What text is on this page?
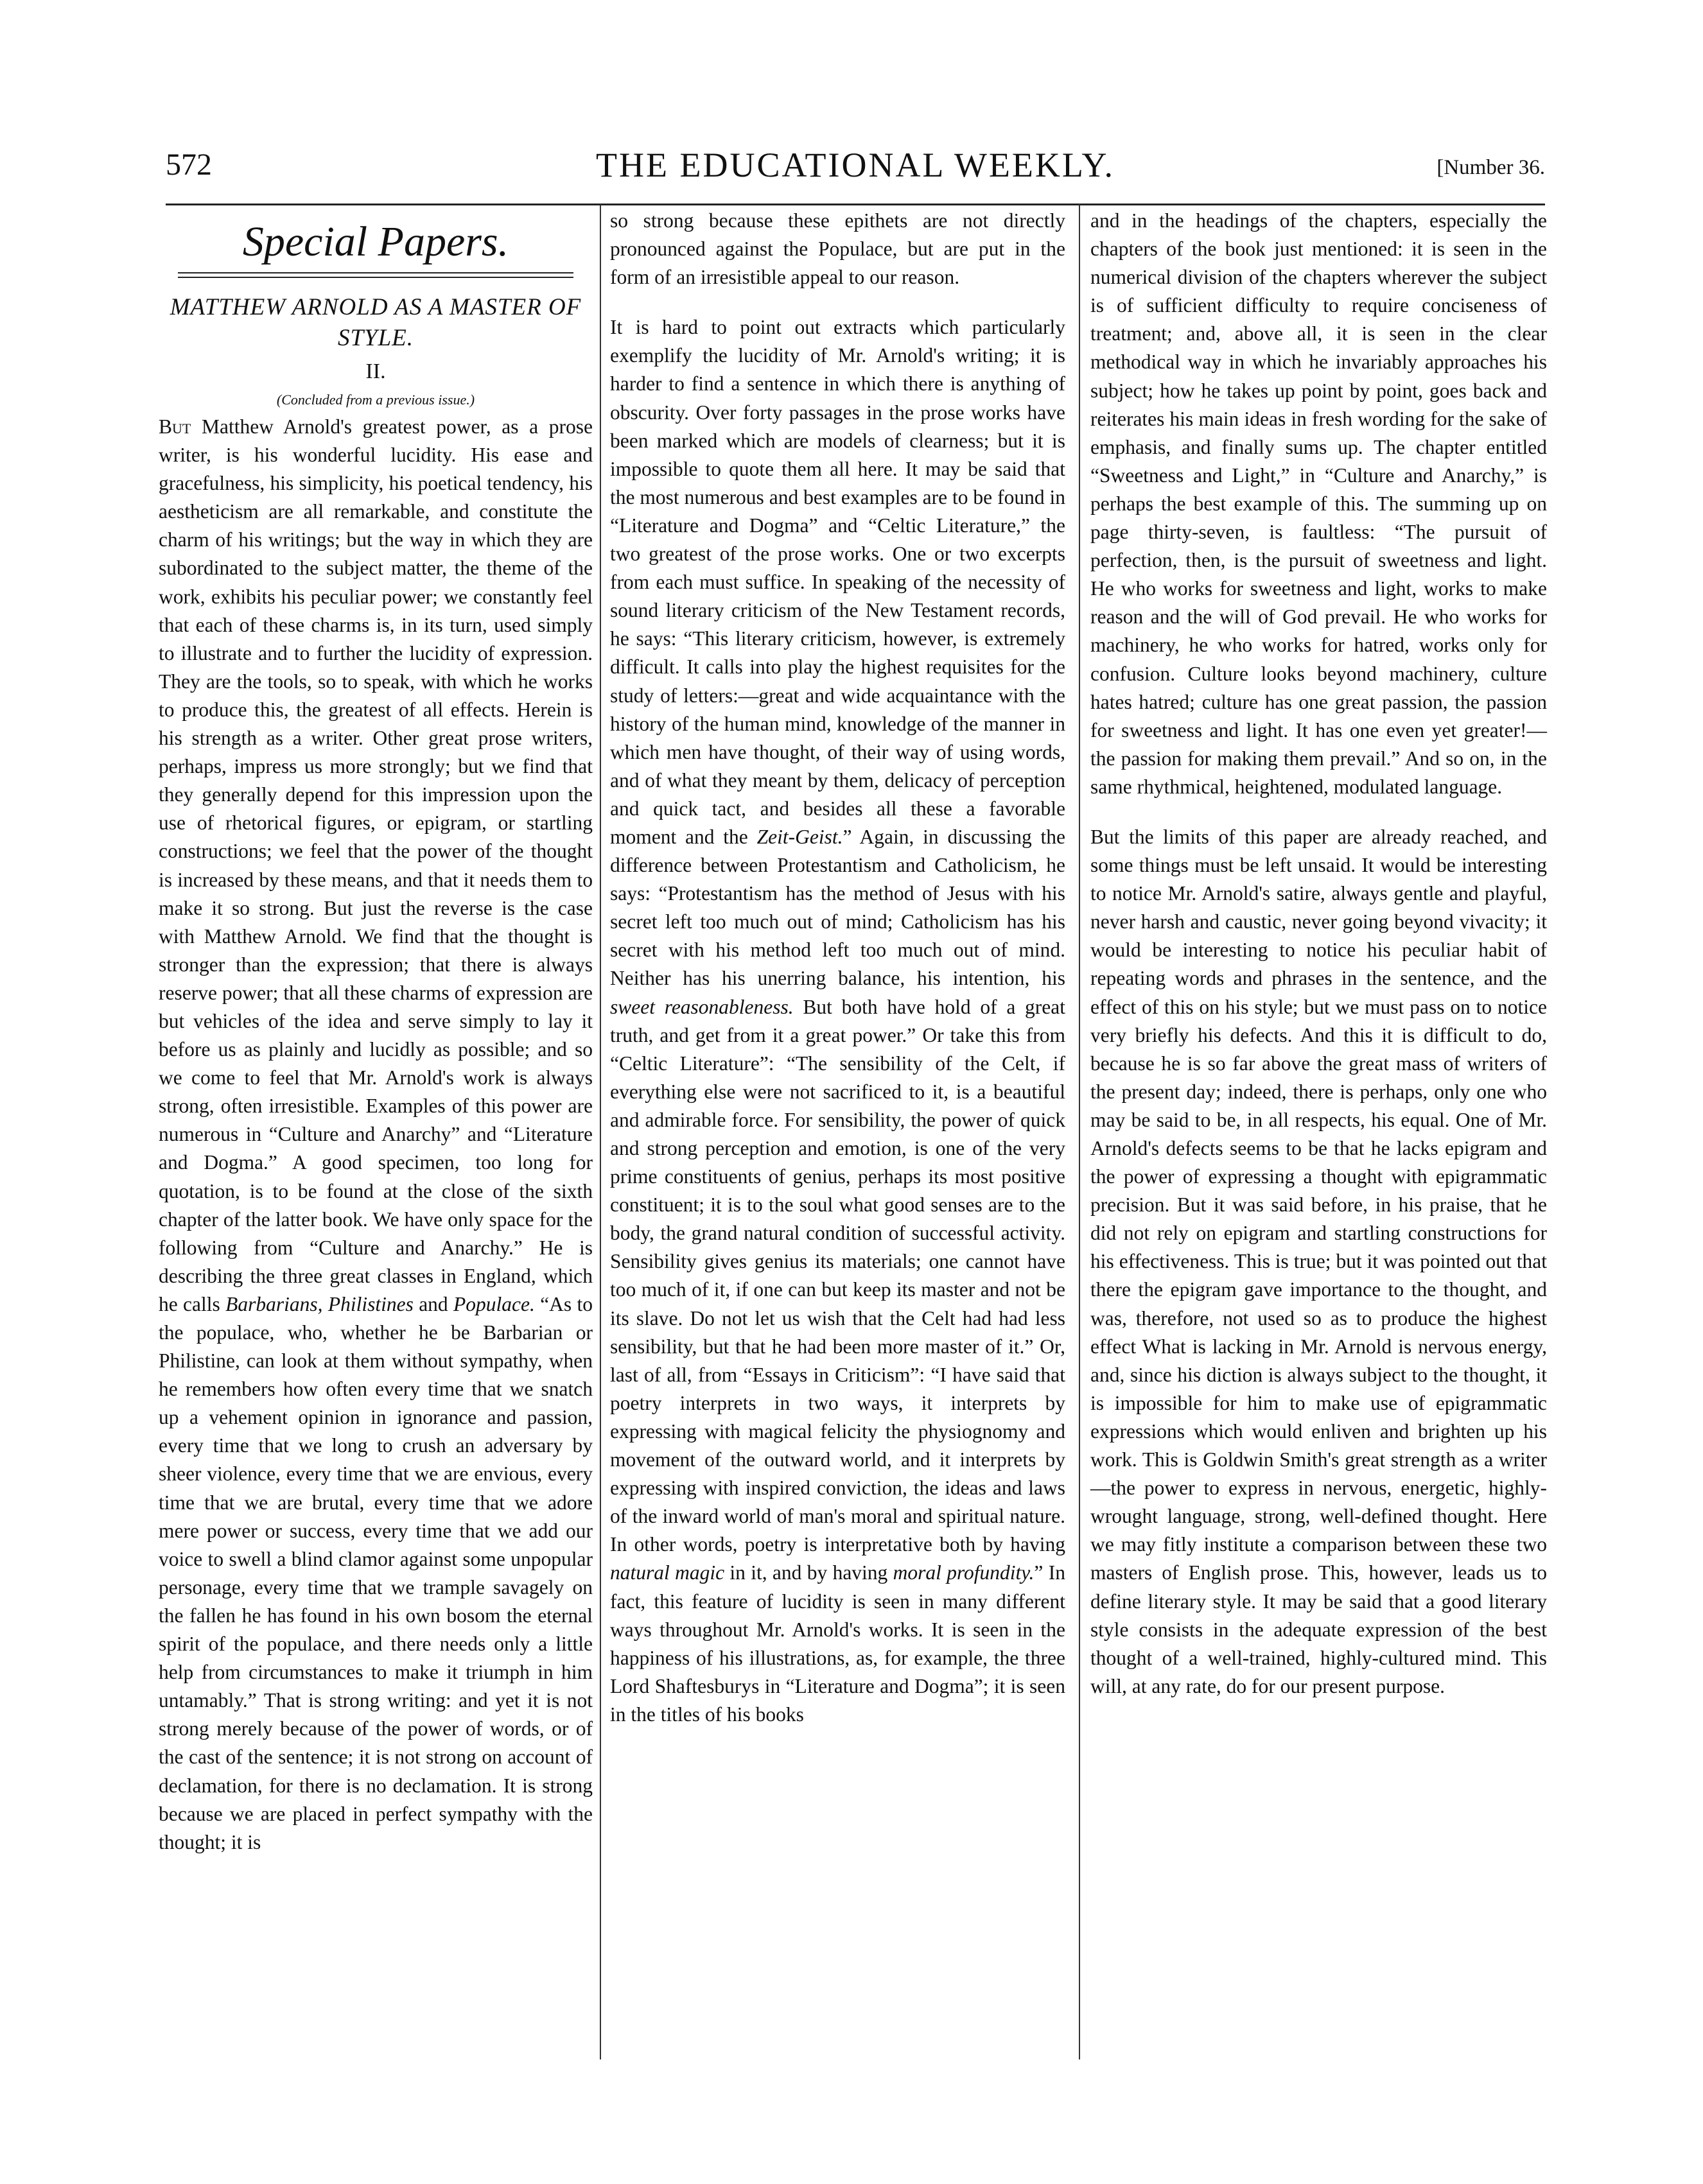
572	THE EDUCATIONAL WEEKLY.	[Number 36.
Special Papers.
MATTHEW ARNOLD AS A MASTER OF STYLE.
II.
(Concluded from a previous issue.)

But Matthew Arnold's greatest power, as a prose writer, is his wonderful lucidity. His ease and gracefulness, his simplicity, his poetical tendency, his aestheticism are all remarkable, and constitute the charm of his writings; but the way in which they are subordinated to the subject matter, the theme of the work, exhibits his peculiar power; we constantly feel that each of these charms is, in its turn, used simply to illustrate and to further the lucidity of expression. They are the tools, so to speak, with which he works to produce this, the greatest of all effects. Herein is his strength as a writer. Other great prose writers, perhaps, impress us more strongly; but we find that they generally depend for this impression upon the use of rhetorical figures, or epigram, or startling constructions; we feel that the power of the thought is increased by these means, and that it needs them to make it so strong. But just the reverse is the case with Matthew Arnold. We find that the thought is stronger than the expression; that there is always reserve power; that all these charms of expression are but vehicles of the idea and serve simply to lay it before us as plainly and lucidly as possible; and so we come to feel that Mr. Arnold's work is always strong, often irresistible. Examples of this power are numerous in “Culture and Anarchy” and “Literature and Dogma.” A good specimen, too long for quotation, is to be found at the close of the sixth chapter of the latter book. We have only space for the following from “Culture and Anarchy.” He is describing the three great classes in England, which he calls Barbarians, Philistines and Populace. “As to the populace, who, whether he be Barbarian or Philistine, can look at them without sympathy, when he remembers how often every time that we snatch up a vehement opinion in ignorance and passion, every time that we long to crush an adversary by sheer violence, every time that we are envious, every time that we are brutal, every time that we adore mere power or success, every time that we add our voice to swell a blind clamor against some unpopular personage, every time that we trample savagely on the fallen he has found in his own bosom the eternal spirit of the populace, and there needs only a little help from circumstances to make it triumph in him untamably.” That is strong writing: and yet it is not strong merely because of the power of words, or of the cast of the sentence; it is not strong on account of declamation, for there is no declamation. It is strong because we are placed in perfect sympathy with the thought; it is

so strong because these epithets are not directly pronounced against the Populace, but are put in the form of an irresistible appeal to our reason.

It is hard to point out extracts which particularly exemplify the lucidity of Mr. Arnold's writing; it is harder to find a sentence in which there is anything of obscurity. Over forty passages in the prose works have been marked which are models of clearness; but it is impossible to quote them all here. It may be said that the most numerous and best examples are to be found in “Literature and Dogma” and “Celtic Literature,” the two greatest of the prose works. One or two excerpts from each must suffice. In speaking of the necessity of sound literary criticism of the New Testament records, he says: “This literary criticism, however, is extremely difficult. It calls into play the highest requisites for the study of letters:—great and wide acquaintance with the history of the human mind, knowledge of the manner in which men have thought, of their way of using words, and of what they meant by them, delicacy of perception and quick tact, and besides all these a favorable moment and the Zeit-Geist.” Again, in discussing the difference between Protestantism and Catholicism, he says: “Protestantism has the method of Jesus with his secret left too much out of mind; Catholicism has his secret with his method left too much out of mind. Neither has his unerring balance, his intention, his sweet reasonableness. But both have hold of a great truth, and get from it a great power.” Or take this from “Celtic Literature”: “The sensibility of the Celt, if everything else were not sacrificed to it, is a beautiful and admirable force. For sensibility, the power of quick and strong perception and emotion, is one of the very prime constituents of genius, perhaps its most positive constituent; it is to the soul what good senses are to the body, the grand natural condition of successful activity. Sensibility gives genius its materials; one cannot have too much of it, if one can but keep its master and not be its slave. Do not let us wish that the Celt had had less sensibility, but that he had been more master of it.” Or, last of all, from “Essays in Criticism”: “I have said that poetry interprets in two ways, it interprets by expressing with magical felicity the physiognomy and movement of the outward world, and it interprets by expressing with inspired conviction, the ideas and laws of the inward world of man's moral and spiritual nature. In other words, poetry is interpretative both by having natural magic in it, and by having moral profundity.” In fact, this feature of lucidity is seen in many different ways throughout Mr. Arnold's works. It is seen in the happiness of his illustrations, as, for example, the three Lord Shaftesburys in “Literature and Dogma”; it is seen in the titles of his books

and in the headings of the chapters, especially the chapters of the book just mentioned: it is seen in the numerical division of the chapters wherever the subject is of sufficient difficulty to require conciseness of treatment; and, above all, it is seen in the clear methodical way in which he invariably approaches his subject; how he takes up point by point, goes back and reiterates his main ideas in fresh wording for the sake of emphasis, and finally sums up. The chapter entitled “Sweetness and Light,” in “Culture and Anarchy,” is perhaps the best example of this. The summing up on page thirty-seven, is faultless: “The pursuit of perfection, then, is the pursuit of sweetness and light. He who works for sweetness and light, works to make reason and the will of God prevail. He who works for machinery, he who works for hatred, works only for confusion. Culture looks beyond machinery, culture hates hatred; culture has one great passion, the passion for sweetness and light. It has one even yet greater!—the passion for making them prevail.” And so on, in the same rhythmical, heightened, modulated language.

But the limits of this paper are already reached, and some things must be left unsaid. It would be interesting to notice Mr. Arnold's satire, always gentle and playful, never harsh and caustic, never going beyond vivacity; it would be interesting to notice his peculiar habit of repeating words and phrases in the sentence, and the effect of this on his style; but we must pass on to notice very briefly his defects. And this it is difficult to do, because he is so far above the great mass of writers of the present day; indeed, there is perhaps, only one who may be said to be, in all respects, his equal. One of Mr. Arnold's defects seems to be that he lacks epigram and the power of expressing a thought with epigrammatic precision. But it was said before, in his praise, that he did not rely on epigram and startling constructions for his effectiveness. This is true; but it was pointed out that there the epigram gave importance to the thought, and was, therefore, not used so as to produce the highest effect What is lacking in Mr. Arnold is nervous energy, and, since his diction is always subject to the thought, it is impossible for him to make use of epigrammatic expressions which would enliven and brighten up his work. This is Goldwin Smith's great strength as a writer—the power to express in nervous, energetic, highly-wrought language, strong, well-defined thought. Here we may fitly institute a comparison between these two masters of English prose. This, however, leads us to define literary style. It may be said that a good literary style consists in the adequate expression of the best thought of a well-trained, highly-cultured mind. This will, at any rate, do for our present purpose.
